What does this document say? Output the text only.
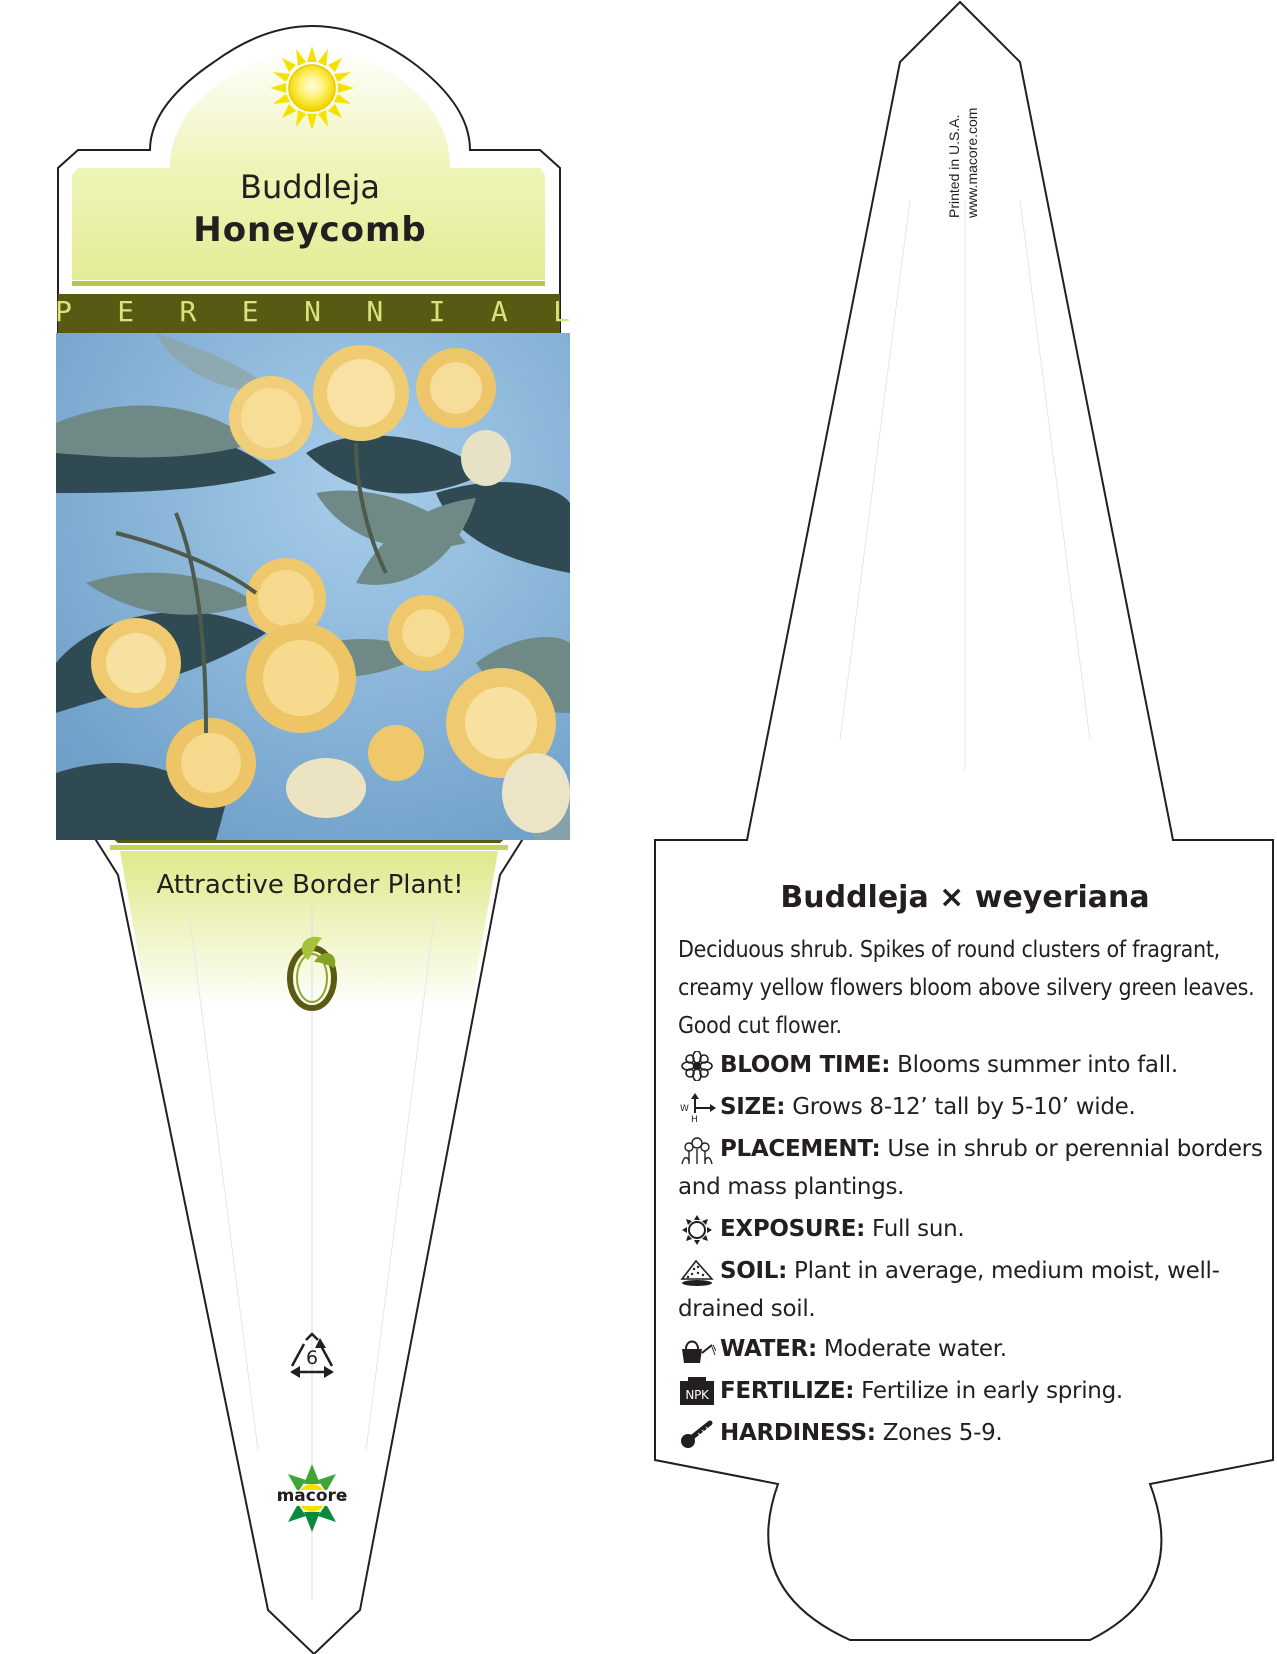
Buddleja
Honeycomb
P E R E N N I A L
Attractive Border Plant!
6
macore
Printed in U.S.A. www.macore.com
Buddleja × weyeriana
Deciduous shrub. Spikes of round clusters of fragrant, creamy yellow flowers bloom above silvery green leaves. Good cut flower.
BLOOM TIME: Blooms summer into fall.
W
H SIZE: Grows 8-12’ tall by 5-10’ wide.
PLACEMENT: Use in shrub or perennial borders and mass plantings.
EXPOSURE: Full sun.
SOIL: Plant in average, medium moist, well-drained soil.
WATER: Moderate water.
NPK FERTILIZE: Fertilize in early spring.
HARDINESS: Zones 5-9.
